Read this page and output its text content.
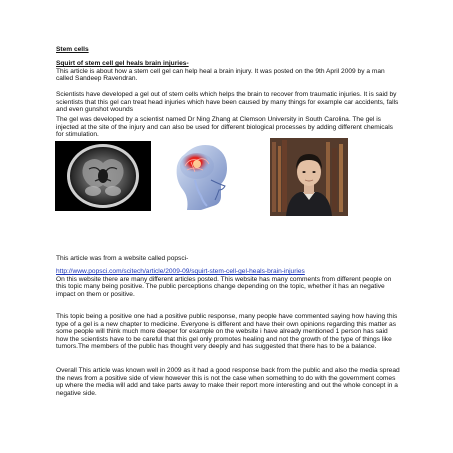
Stem cells

Squirt of stem cell gel heals brain injuries-

This article is about how a stem cell gel can help heal a brain injury. It was posted on the 9th April 2009 by a man called Sandeep Ravendran.

Scientists have developed a gel out of stem cells which helps the brain to recover from traumatic injuries. It is said by scientists that this gel can treat head injuries which have been caused by many things for example car accidents, falls and even gunshot wounds
The gel was developed by a scientist named Dr Ning Zhang at Clemson University in South Carolina. The gel is injected at the site of the injury and can also be used for different biological processes by adding different chemicals for stimulation.
This article was from a website called popsci-

http://www.popsci.com/scitech/article/2009-09/squirt-stem-cell-gel-heals-brain-injuries

On this website there are many different articles posted. This website has many comments from different people on this topic many being positive. The public perceptions change depending on the topic, whether it has an negative impact on them or positive.

This topic being a positive one had a positive public response, many people have commented saying how having this type of a gel is a new chapter to medicine. Everyone is different and have their own opinions regarding this matter as some people will think much more deeper for example on the website i have already mentioned 1 person has said how the scientists have to be careful that this gel only promotes healing and not the growth of the type of things like tumors.The members of the public has thought very deeply and has suggested that there has to be a balance.
Overall This article was known well in 2009 as it had a good response back from the public and also the media spread the news from a positive side of view however this is not the case when something to do with the government comes up where the media will add and take parts away to make their report more interesting and out the whole concept in a negative side.
